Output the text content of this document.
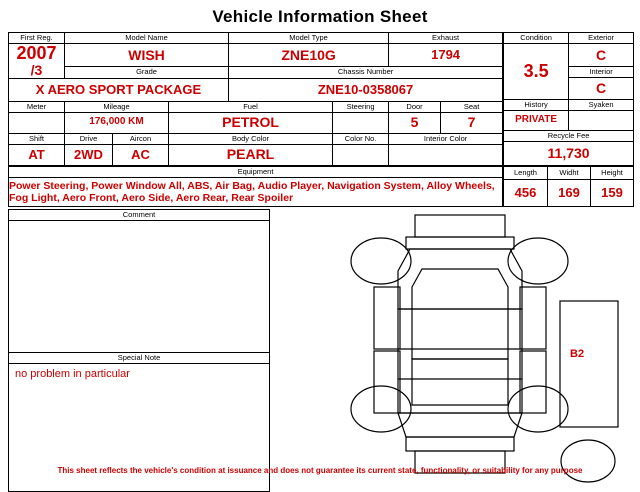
Vehicle Information Sheet
First Reg.	Model Name			Model Type		Exhaust	

2007
/3	WISH			ZNE10G		1794	
	Grade			Chassis Number			
X AERO SPORT PACKAGE				ZNE10-0358067			
Meter	Mileage		Fuel		Steering	Door	Seat
	176,000 KM		PETROL			5	7
Shift	Drive	Aircon	Body Color		Color No.	Interior Color	
AT	2WD	AC	PEARL				
Condition	Exterior
3.5	C
	Interior
	C
History	Syaken
PRIVATE	
Recycle Fee	
11,730	
Equipment

Power Steering, Power Window All, ABS, Air Bag, Audio Player, Navigation System, Alloy Wheels, Fog Light, Aero Front, Aero Side, Aero Rear, Rear Spoiler
Length	Widht	Height
456	169	159
Comment
Special Note
no problem in particular
B2
This sheet reflects the vehicle's condition at issuance and does not guarantee its current state, functionality, or suitability for any purpose
